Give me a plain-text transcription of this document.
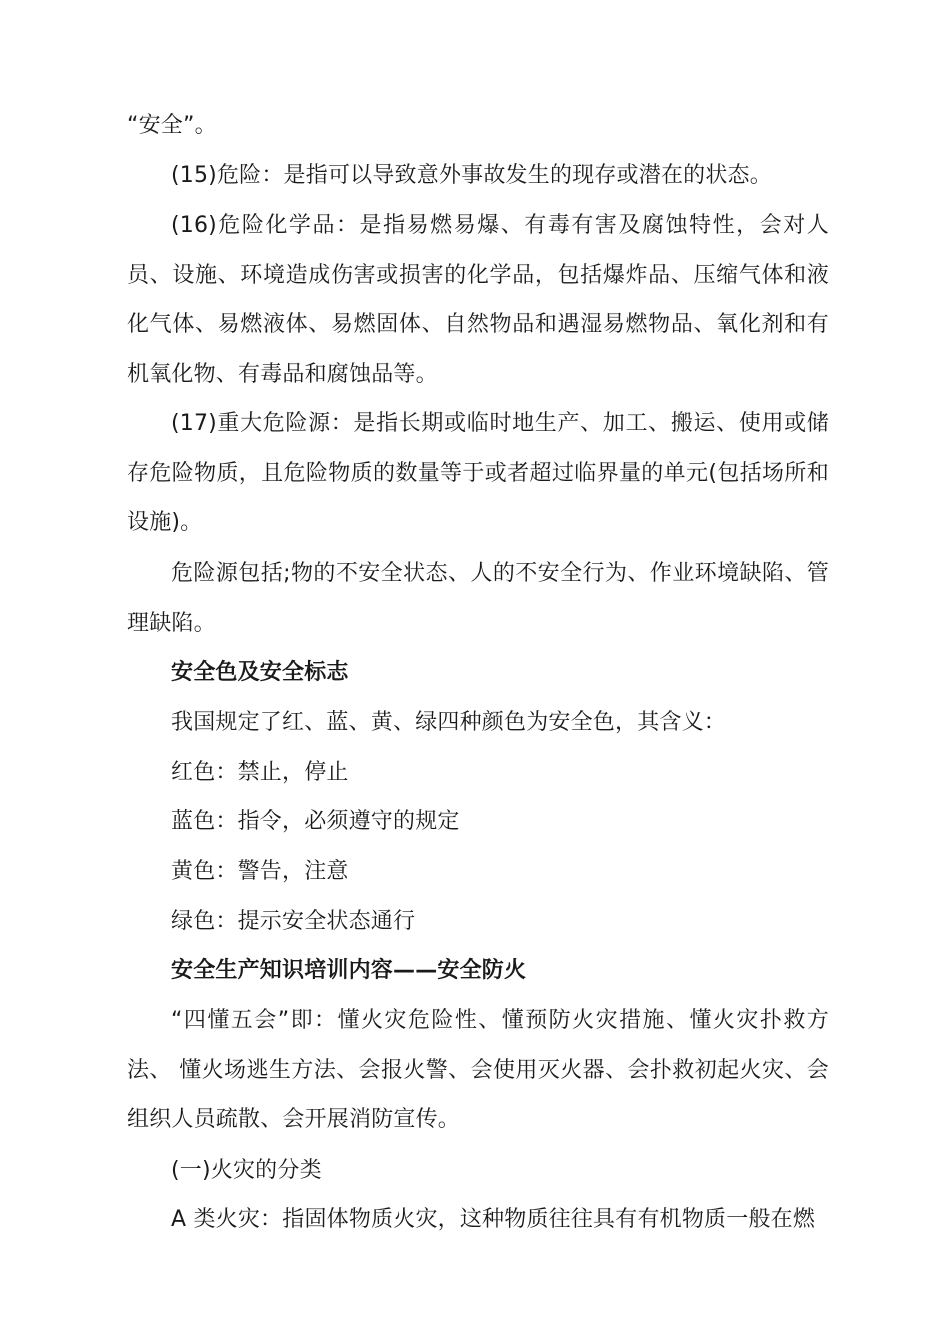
“安全”。

(15)危险：是指可以导致意外事故发生的现存或潜在的状态。

(16)危险化学品：是指易燃易爆、有毒有害及腐蚀特性，会对人员、设施、环境造成伤害或损害的化学品，包括爆炸品、压缩气体和液化气体、易燃液体、易燃固体、自然物品和遇湿易燃物品、氧化剂和有机氧化物、有毒品和腐蚀品等。

(17)重大危险源：是指长期或临时地生产、加工、搬运、使用或储存危险物质，且危险物质的数量等于或者超过临界量的单元(包括场所和设施)。

危险源包括;物的不安全状态、人的不安全行为、作业环境缺陷、管理缺陷。

安全色及安全标志

我国规定了红、蓝、黄、绿四种颜色为安全色，其含义：

红色：禁止，停止

蓝色：指令，必须遵守的规定

黄色：警告，注意

绿色：提示安全状态通行

安全生产知识培训内容——安全防火

“四懂五会”即：懂火灾危险性、懂预防火灾措施、懂火灾扑救方法、 懂火场逃生方法、会报火警、会使用灭火器、会扑救初起火灾、会组织人员疏散、会开展消防宣传。

(一)火灾的分类

A 类火灾：指固体物质火灾，这种物质往往具有有机物质一般在燃
